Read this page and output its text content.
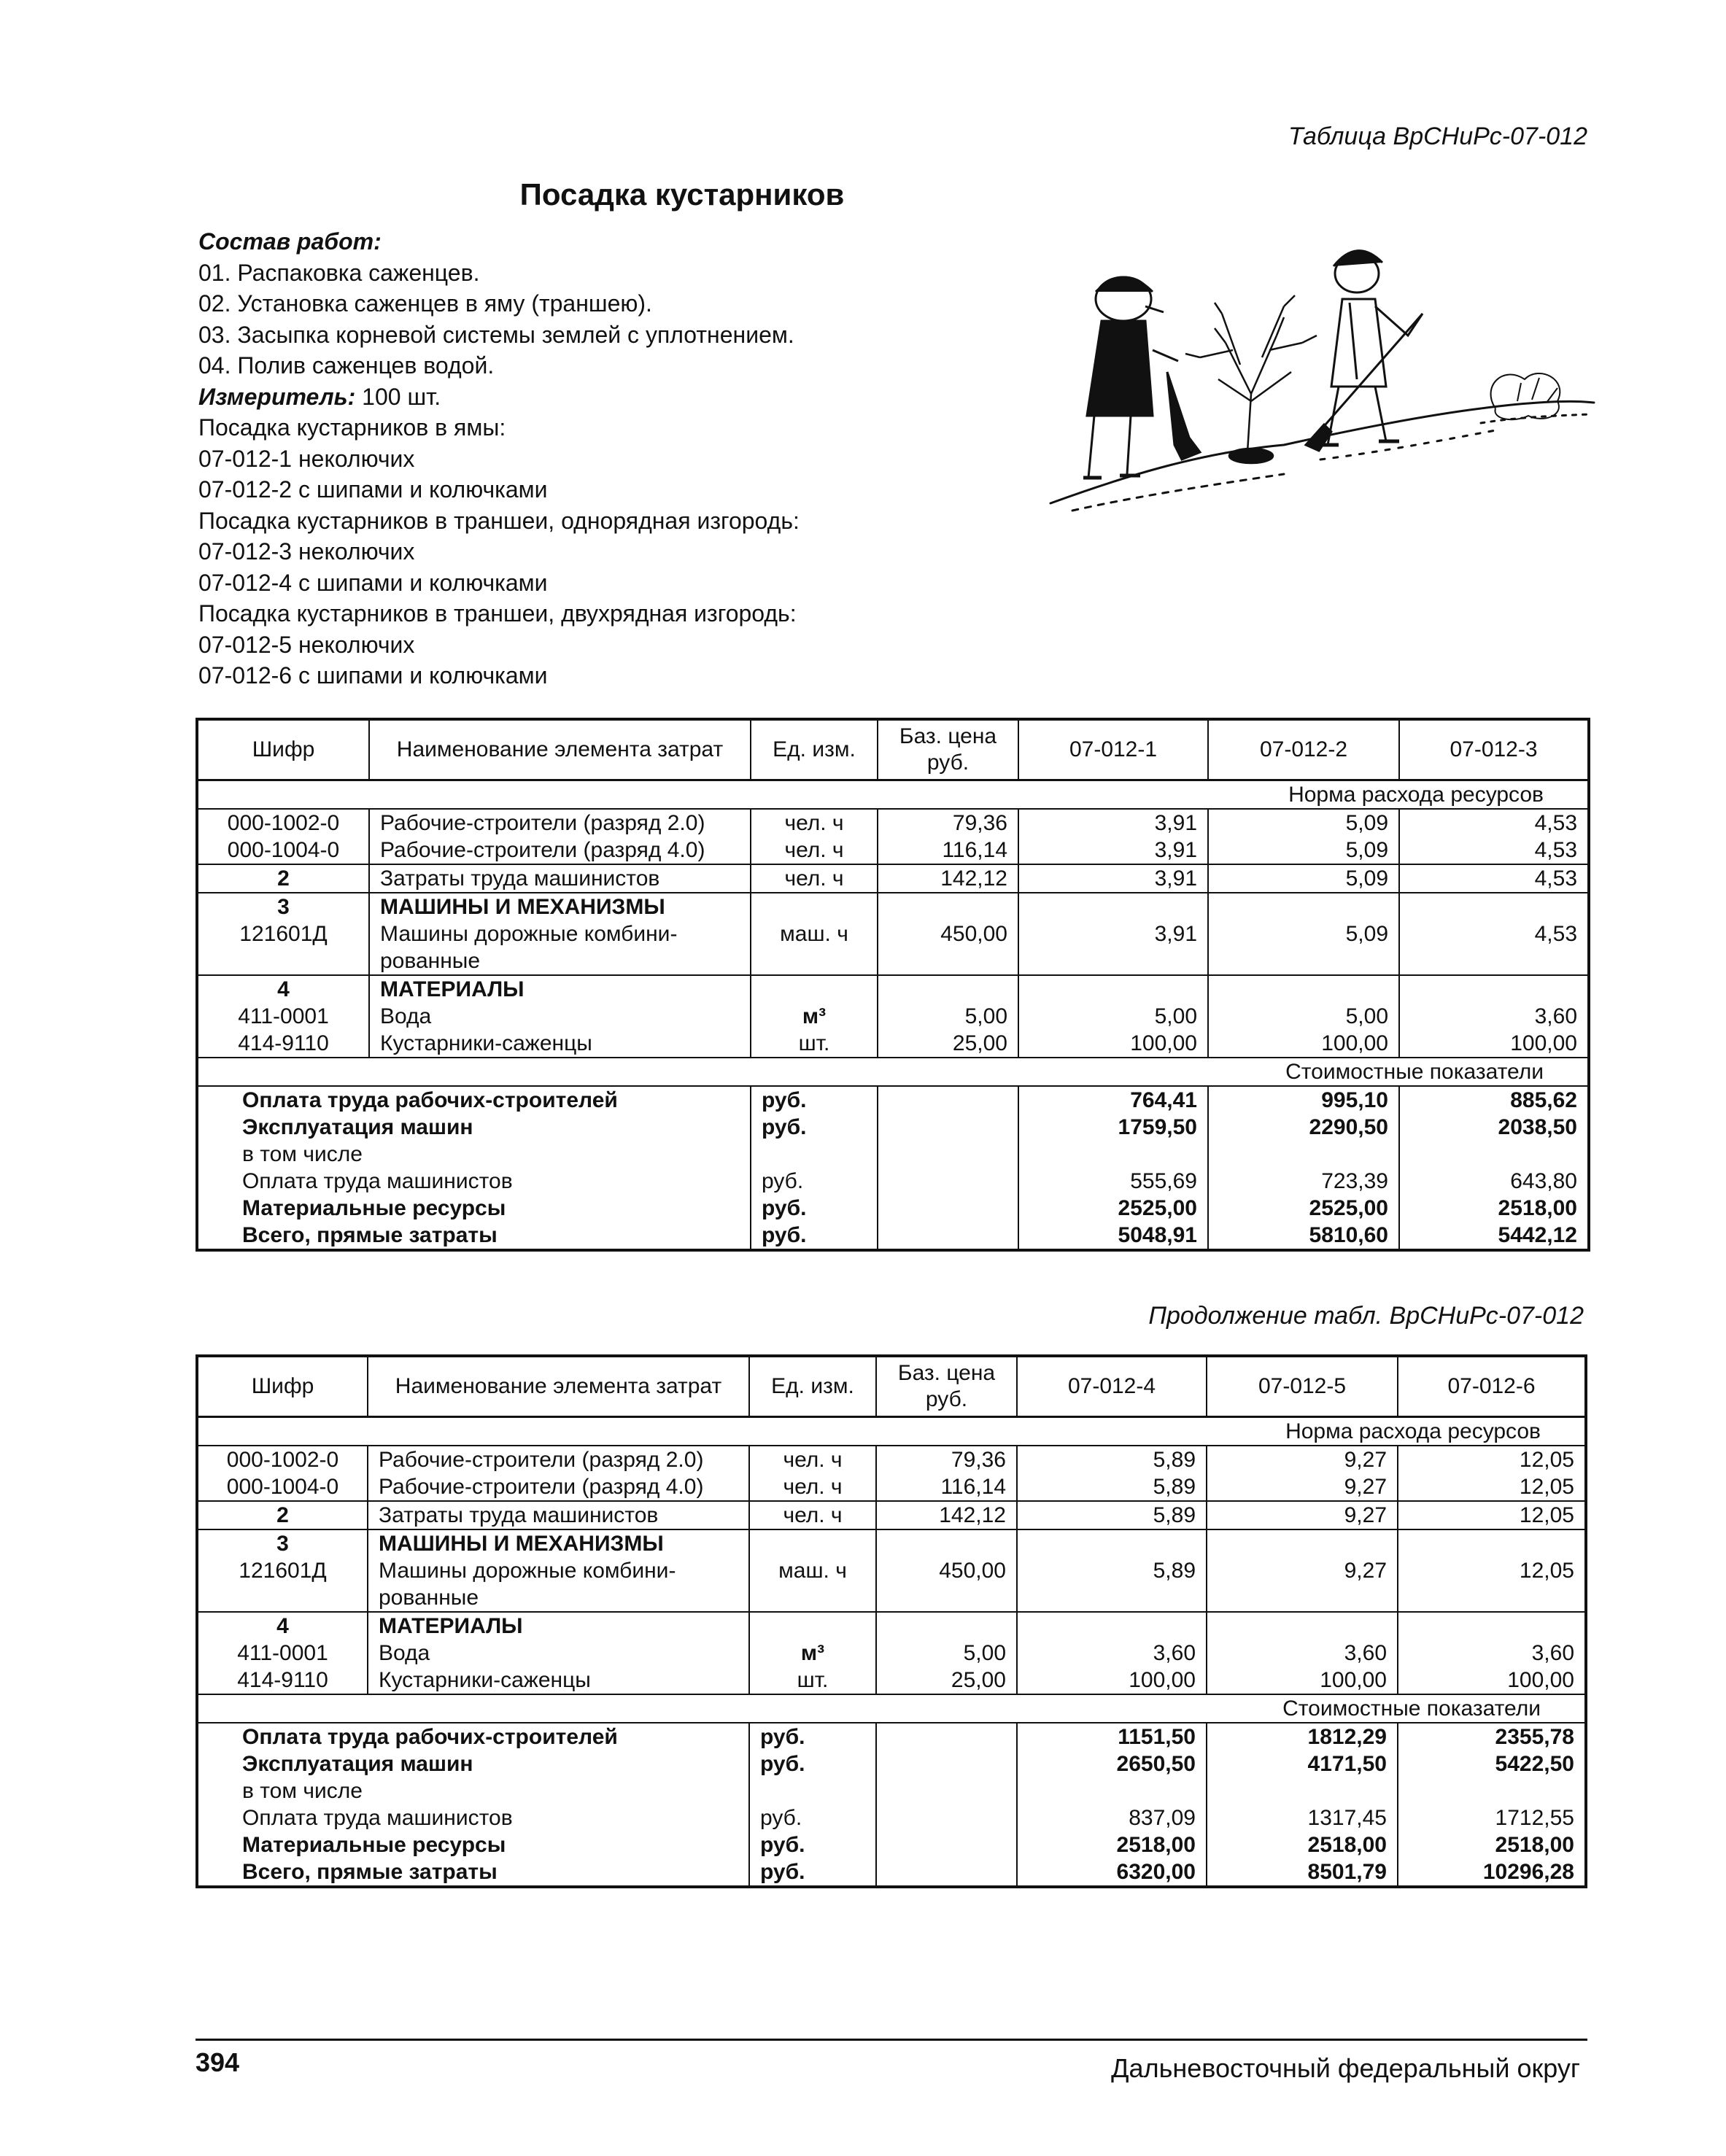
Таблица ВрСНиРс-07-012
Посадка кустарников
Состав работ:
01. Распаковка саженцев.
02. Установка саженцев в яму (траншею).
03. Засыпка корневой системы землей с уплотнением.
04. Полив саженцев водой.
Измеритель: 100 шт.
Посадка кустарников в ямы:
07-012-1 неколючих
07-012-2 с шипами и колючками
Посадка кустарников в траншеи, однорядная изгородь:
07-012-3 неколючих
07-012-4 с шипами и колючками
Посадка кустарников в траншеи, двухрядная изгородь:
07-012-5 неколючих
07-012-6 с шипами и колючками
Шифр	Наименование элемента затрат	Ед. изм.	Баз. цена руб.	07-012-1	07-012-2	07-012-3
Норма расхода ресурсов						
000-1002-0	Рабочие-строители (разряд 2.0)	чел. ч	79,36	3,91	5,09	4,53
000-1004-0	Рабочие-строители (разряд 4.0)	чел. ч	116,14	3,91	5,09	4,53
2	Затраты труда машинистов	чел. ч	142,12	3,91	5,09	4,53
3	МАШИНЫ И МЕХАНИЗМЫ					
121601Д	Машины дорожные комбини-	маш. ч	450,00	3,91	5,09	4,53
	рованные					
4	МАТЕРИАЛЫ					
411-0001	Вода	м³	5,00	5,00	5,00	3,60
414-9110	Кустарники-саженцы	шт.	25,00	100,00	100,00	100,00
Стоимостные показатели						
Оплата труда рабочих-строителей		руб.		764,41	995,10	885,62
Эксплуатация машин		руб.		1759,50	2290,50	2038,50
в том числе						
Оплата труда машинистов		руб.		555,69	723,39	643,80
Материальные ресурсы		руб.		2525,00	2525,00	2518,00
Всего, прямые затраты		руб.		5048,91	5810,60	5442,12
Продолжение табл. ВрСНиРс-07-012
Шифр	Наименование элемента затрат	Ед. изм.	Баз. цена руб.	07-012-4	07-012-5	07-012-6
Норма расхода ресурсов						
000-1002-0	Рабочие-строители (разряд 2.0)	чел. ч	79,36	5,89	9,27	12,05
000-1004-0	Рабочие-строители (разряд 4.0)	чел. ч	116,14	5,89	9,27	12,05
2	Затраты труда машинистов	чел. ч	142,12	5,89	9,27	12,05
3	МАШИНЫ И МЕХАНИЗМЫ					
121601Д	Машины дорожные комбини-	маш. ч	450,00	5,89	9,27	12,05
	рованные					
4	МАТЕРИАЛЫ					
411-0001	Вода	м³	5,00	3,60	3,60	3,60
414-9110	Кустарники-саженцы	шт.	25,00	100,00	100,00	100,00
Стоимостные показатели						
Оплата труда рабочих-строителей		руб.		1151,50	1812,29	2355,78
Эксплуатация машин		руб.		2650,50	4171,50	5422,50
в том числе						
Оплата труда машинистов		руб.		837,09	1317,45	1712,55
Материальные ресурсы		руб.		2518,00	2518,00	2518,00
Всего, прямые затраты		руб.		6320,00	8501,79	10296,28
394	Дальневосточный федеральный округ
